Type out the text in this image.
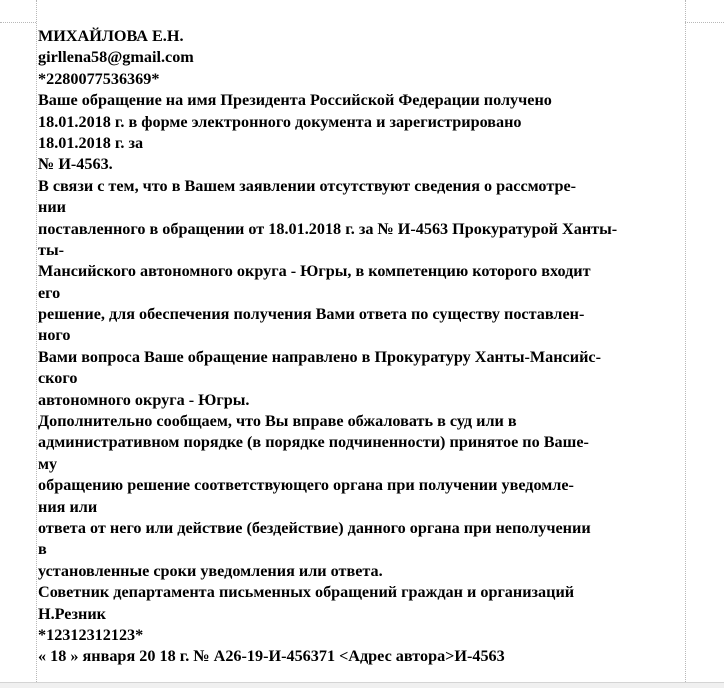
МИХАЙЛОВА Е.Н.
girllena58@gmail.com
*2280077536369*
Ваше обращение на имя Президента Российской Федерации получено
18.01.2018 г. в форме электронного документа и зарегистрировано
18.01.2018 г. за
№ И-4563.
В связи с тем, что в Вашем заявлении отсутствуют сведения о рассмотре-
нии
поставленного в обращении от 18.01.2018 г. за № И-4563 Прокуратурой Ханты-
ты-
Мансийского автономного округа - Югры, в компетенцию которого входит
его
решение, для обеспечения получения Вами ответа по существу поставлен-
ного
Вами вопроса Ваше обращение направлено в Прокуратуру Ханты-Мансийс-
ского
автономного округа - Югры.
Дополнительно сообщаем, что Вы вправе обжаловать в суд или в
административном порядке (в порядке подчиненности) принятое по Ваше-
му
обращению решение соответствующего органа при получении уведомле-
ния или
ответа от него или действие (бездействие) данного органа при неполучении
в
установленные сроки уведомления или ответа.
Советник департамента письменных обращений граждан и организаций
Н.Резник
*12312312123*
« 18 » января 20 18 г. № А26-19-И-456371 <Адрес автора>И-4563
